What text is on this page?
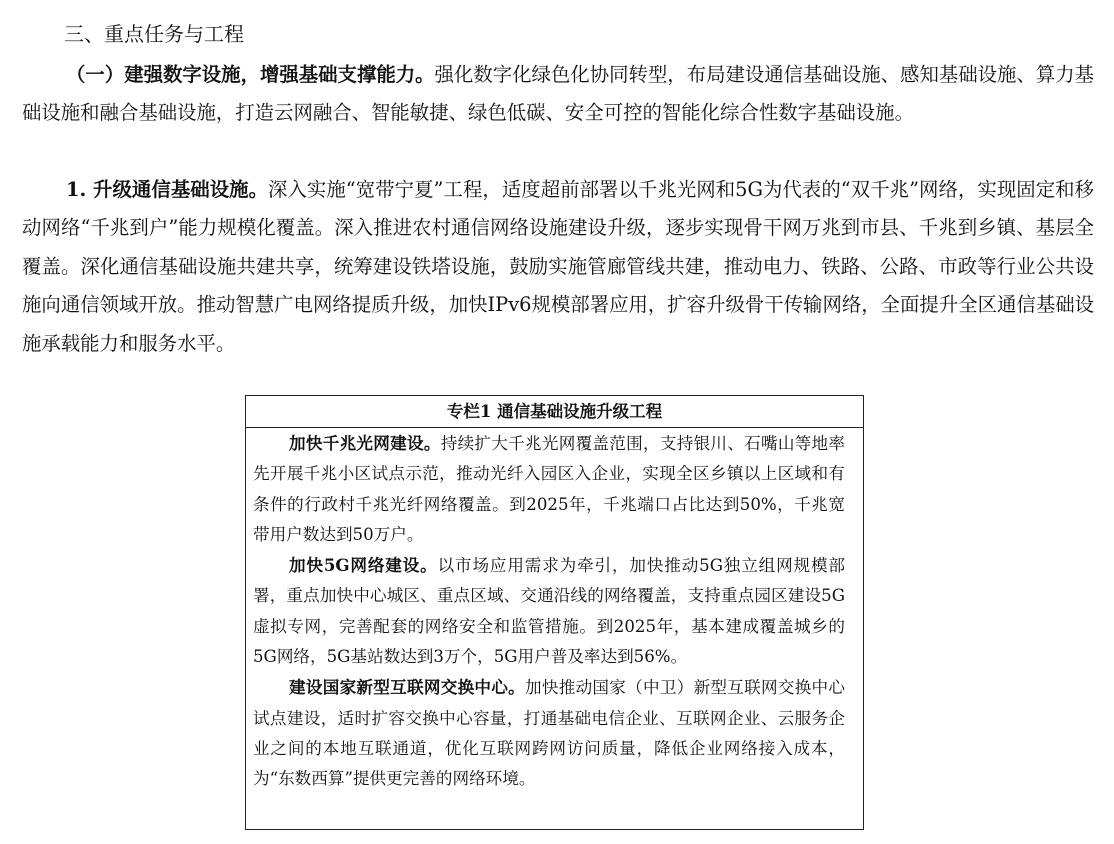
三、重点任务与工程

（一）建强数字设施，增强基础支撑能力。强化数字化绿色化协同转型，布局建设通信基础设施、感知基础设施、算力基础设施和融合基础设施，打造云网融合、智能敏捷、绿色低碳、安全可控的智能化综合性数字基础设施。

1. 升级通信基础设施。深入实施“宽带宁夏”工程，适度超前部署以千兆光网和5G为代表的“双千兆”网络，实现固定和移动网络“千兆到户”能力规模化覆盖。深入推进农村通信网络设施建设升级，逐步实现骨干网万兆到市县、千兆到乡镇、基层全覆盖。深化通信基础设施共建共享，统筹建设铁塔设施，鼓励实施管廊管线共建，推动电力、铁路、公路、市政等行业公共设施向通信领域开放。推动智慧广电网络提质升级，加快IPv6规模部署应用，扩容升级骨干传输网络，全面提升全区通信基础设施承载能力和服务水平。

专栏1 通信基础设施升级工程

加快千兆光网建设。持续扩大千兆光网覆盖范围，支持银川、石嘴山等地率先开展千兆小区试点示范，推动光纤入园区入企业，实现全区乡镇以上区域和有条件的行政村千兆光纤网络覆盖。到2025年，千兆端口占比达到50%，千兆宽带用户数达到50万户。

加快5G网络建设。以市场应用需求为牵引，加快推动5G独立组网规模部署，重点加快中心城区、重点区域、交通沿线的网络覆盖，支持重点园区建设5G虚拟专网，完善配套的网络安全和监管措施。到2025年，基本建成覆盖城乡的5G网络，5G基站数达到3万个，5G用户普及率达到56%。

建设国家新型互联网交换中心。加快推动国家（中卫）新型互联网交换中心试点建设，适时扩容交换中心容量，打通基础电信企业、互联网企业、云服务企业之间的本地互联通道，优化互联网跨网访问质量，降低企业网络接入成本，为“东数西算”提供更完善的网络环境。
